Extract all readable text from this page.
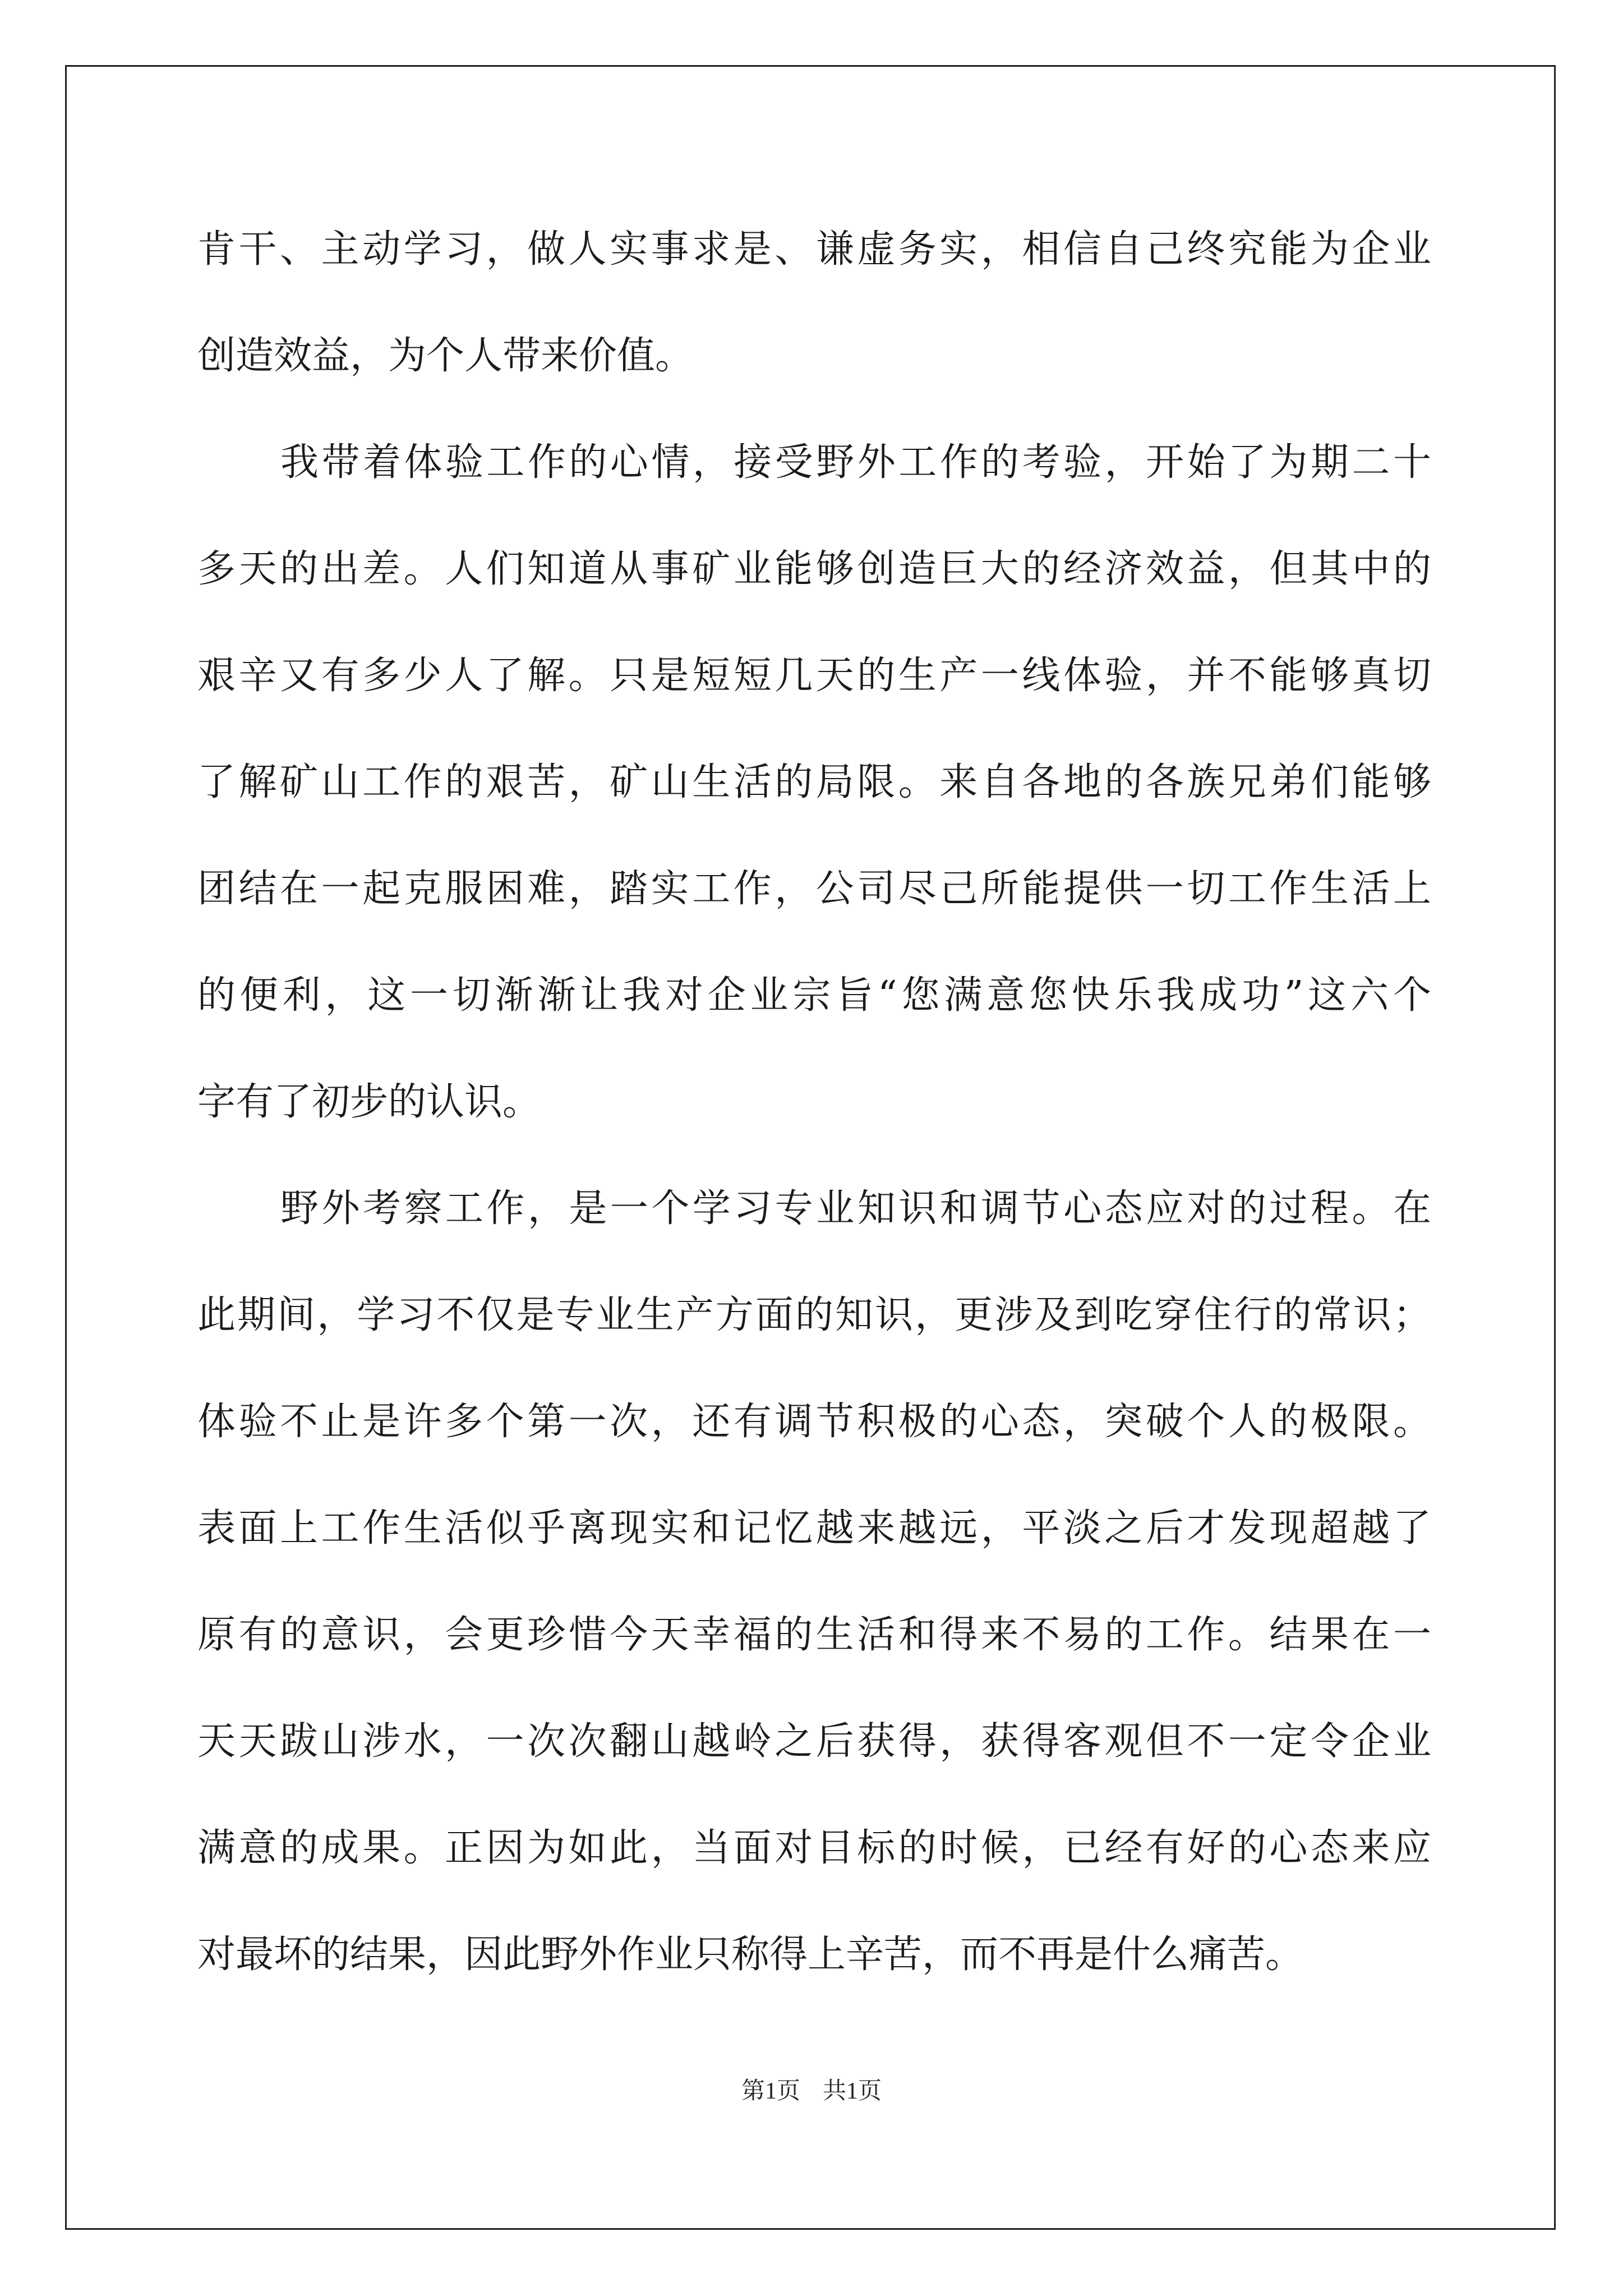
肯干、主动学习，做人实事求是、谦虚务实，相信自己终究能为企业
创造效益，为个人带来价值。
我带着体验工作的心情，接受野外工作的考验，开始了为期二十
多天的出差。人们知道从事矿业能够创造巨大的经济效益，但其中的
艰辛又有多少人了解。只是短短几天的生产一线体验，并不能够真切
了解矿山工作的艰苦，矿山生活的局限。来自各地的各族兄弟们能够
团结在一起克服困难，踏实工作，公司尽己所能提供一切工作生活上
的便利，这一切渐渐让我对企业宗旨“您满意您快乐我成功”这六个
字有了初步的认识。
野外考察工作，是一个学习专业知识和调节心态应对的过程。在
此期间，学习不仅是专业生产方面的知识，更涉及到吃穿住行的常识；
体验不止是许多个第一次，还有调节积极的心态，突破个人的极限。
表面上工作生活似乎离现实和记忆越来越远，平淡之后才发现超越了
原有的意识，会更珍惜今天幸福的生活和得来不易的工作。结果在一
天天跋山涉水，一次次翻山越岭之后获得，获得客观但不一定令企业
满意的成果。正因为如此，当面对目标的时候，已经有好的心态来应
对最坏的结果，因此野外作业只称得上辛苦，而不再是什么痛苦。
第1页 共1页
